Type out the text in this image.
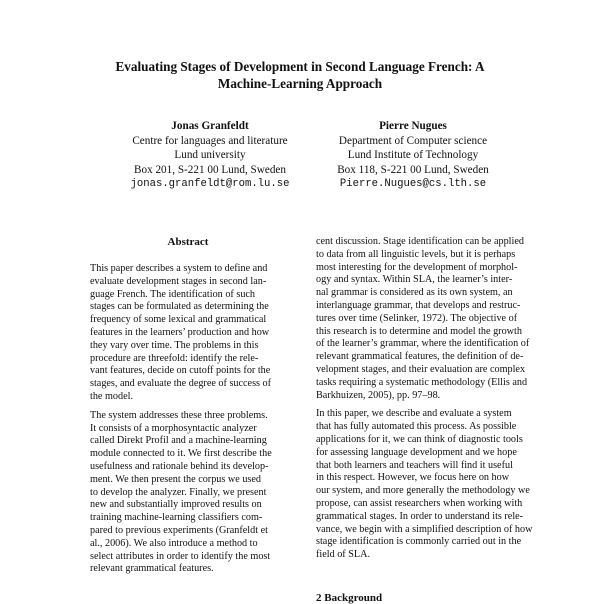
Evaluating Stages of Development in Second Language French: A
Machine-Learning Approach
Jonas Granfeldt
Centre for languages and literature
Lund university
Box 201, S-221 00 Lund, Sweden
jonas.granfeldt@rom.lu.se
Pierre Nugues
Department of Computer science
Lund Institute of Technology
Box 118, S-221 00 Lund, Sweden
Pierre.Nugues@cs.lth.se
Abstract
This paper describes a system to define and
evaluate development stages in second lan-
guage French. The identification of such
stages can be formulated as determining the
frequency of some lexical and grammatical
features in the learners’ production and how
they vary over time. The problems in this
procedure are threefold: identify the rele-
vant features, decide on cutoff points for the
stages, and evaluate the degree of success of
the model.
The system addresses these three problems.
It consists of a morphosyntactic analyzer
called Direkt Profil and a machine-learning
module connected to it. We first describe the
usefulness and rationale behind its develop-
ment. We then present the corpus we used
to develop the analyzer. Finally, we present
new and substantially improved results on
training machine-learning classifiers com-
pared to previous experiments (Granfeldt et
al., 2006). We also introduce a method to
select attributes in order to identify the most
relevant grammatical features.
cent discussion. Stage identification can be applied
to data from all linguistic levels, but it is perhaps
most interesting for the development of morphol-
ogy and syntax. Within SLA, the learner’s inter-
nal grammar is considered as its own system, an
interlanguage grammar, that develops and restruc-
tures over time (Selinker, 1972). The objective of
this research is to determine and model the growth
of the learner’s grammar, where the identification of
relevant grammatical features, the definition of de-
velopment stages, and their evaluation are complex
tasks requiring a systematic methodology (Ellis and
Barkhuizen, 2005), pp. 97–98.
In this paper, we describe and evaluate a system
that has fully automated this process. As possible
applications for it, we can think of diagnostic tools
for assessing language development and we hope
that both learners and teachers will find it useful
in this respect. However, we focus here on how
our system, and more generally the methodology we
propose, can assist researchers when working with
grammatical stages. In order to understand its rele-
vance, we begin with a simplified description of how
stage identification is commonly carried out in the
field of SLA.
2 Background
